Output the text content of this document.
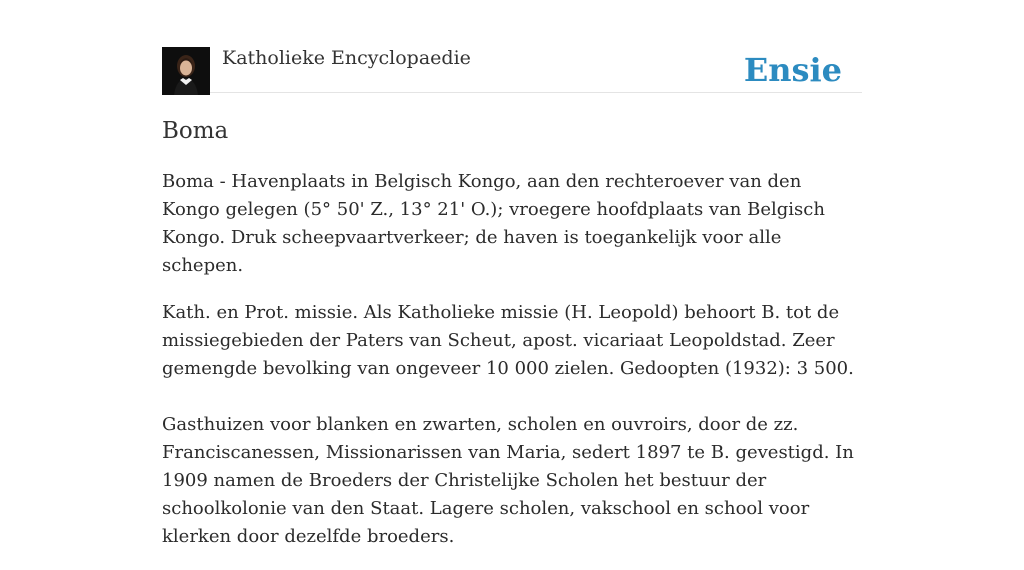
Katholieke Encyclopaedie	Ensie
Boma

Boma - Havenplaats in Belgisch Kongo, aan den rechteroever van den Kongo gelegen (5° 50' Z., 13° 21' O.); vroegere hoofdplaats van Belgisch Kongo. Druk scheepvaartverkeer; de haven is toegankelijk voor alle schepen.

Kath. en Prot. missie. Als Katholieke missie (H. Leopold) behoort B. tot de missiegebieden der Paters van Scheut, apost. vicariaat Leopoldstad. Zeer gemengde bevolking van ongeveer 10 000 zielen. Gedoopten (1932): 3 500.

Gasthuizen voor blanken en zwarten, scholen en ouvroirs, door de zz. Franciscanessen, Missionarissen van Maria, sedert 1897 te B. gevestigd. In 1909 namen de Broeders der Christelijke Scholen het bestuur der schoolkolonie van den Staat. Lagere scholen, vakschool en school voor klerken door dezelfde broeders.
